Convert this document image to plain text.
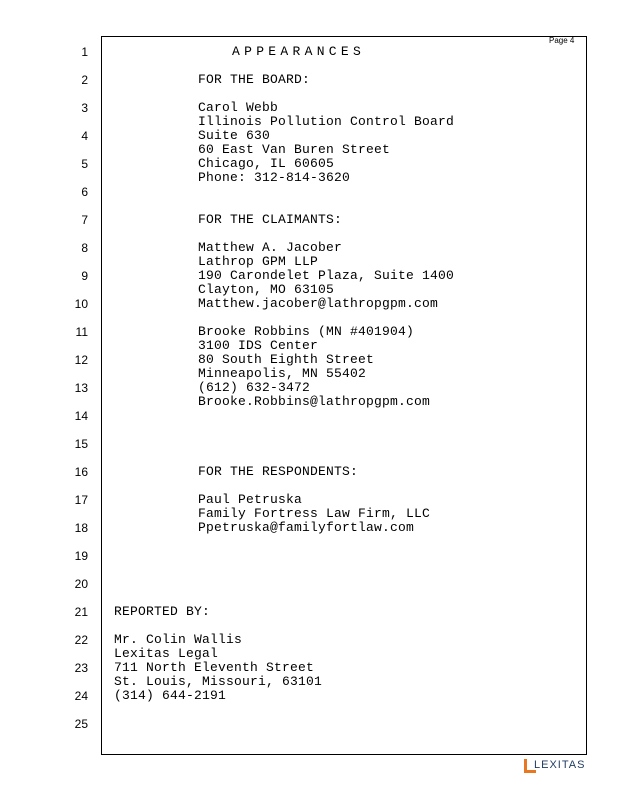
Page 4
1
2
3
4
5
6
7
8
9
10
11
12
13
14
15
16
17
18
19
20
21
22
23
24
25
APPEARANCES
FOR THE BOARD:
Carol Webb
Illinois Pollution Control Board
Suite 630
60 East Van Buren Street
Chicago, IL 60605
Phone: 312-814-3620
FOR THE CLAIMANTS:
Matthew A. Jacober
Lathrop GPM LLP
190 Carondelet Plaza, Suite 1400
Clayton, MO 63105
Matthew.jacober@lathropgpm.com
Brooke Robbins (MN #401904)
3100 IDS Center
80 South Eighth Street
Minneapolis, MN 55402
(612) 632-3472
Brooke.Robbins@lathropgpm.com
FOR THE RESPONDENTS:
Paul Petruska
Family Fortress Law Firm, LLC
Ppetruska@familyfortlaw.com
REPORTED BY:
Mr. Colin Wallis
Lexitas Legal
711 North Eleventh Street
St. Louis, Missouri, 63101
(314) 644-2191
LEXITAS
